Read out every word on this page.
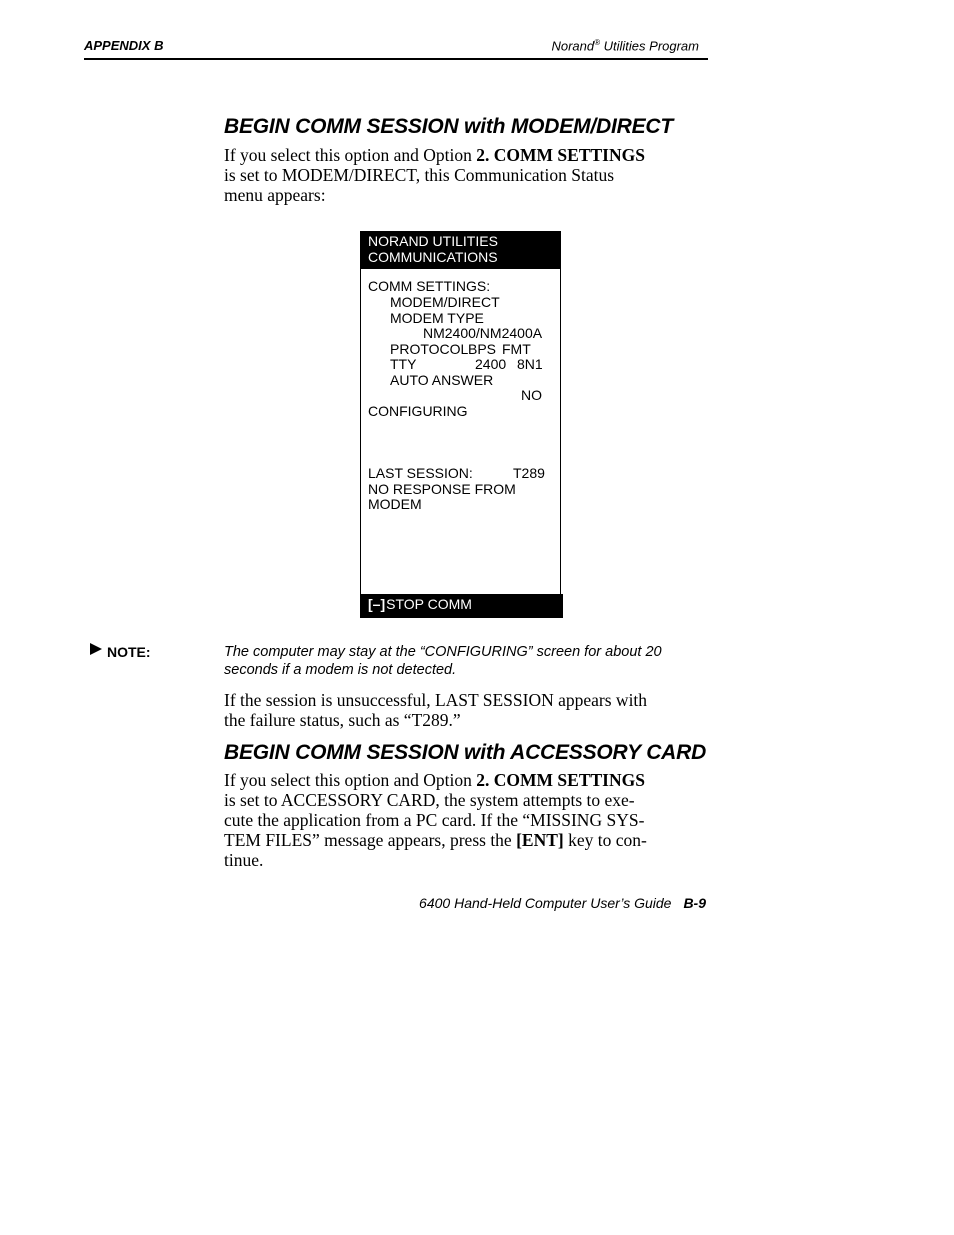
APPENDIX B	Norand® Utilities Program
BEGIN COMM SESSION with MODEM/DIRECT
If you select this option and Option 2. COMM SETTINGS
is set to MODEM/DIRECT, this Communication Status
menu appears:
NORAND UTILITIES
COMMUNICATIONS
COMM SETTINGS:
MODEM/DIRECT
MODEM TYPE
NM2400/NM2400A
PROTOCOL BPS FMT
TTY	2400 8N1
AUTO ANSWER
NO
CONFIGURING
LAST SESSION:	T289
NO RESPONSE FROM
MODEM
[–]STOP COMM
NOTE:	The computer may stay at the “CONFIGURING” screen for about 20
seconds if a modem is not detected.
If the session is unsuccessful, LAST SESSION appears with
the failure status, such as “T289.”
BEGIN COMM SESSION with ACCESSORY CARD
If you select this option and Option 2. COMM SETTINGS
is set to ACCESSORY CARD, the system attempts to exe-
cute the application from a PC card. If the “MISSING SYS-
TEM FILES” message appears, press the [ENT] key to con-
tinue.
6400 Hand-Held Computer User’s Guide B-9
